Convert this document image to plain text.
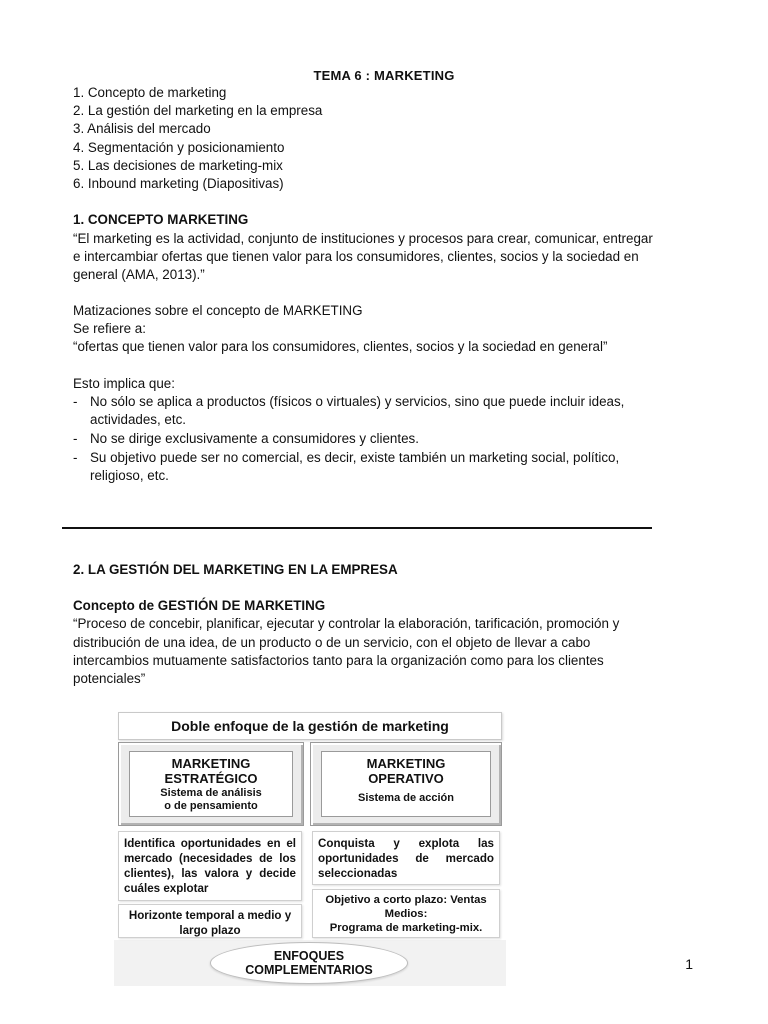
TEMA 6 : MARKETING

1. Concepto de marketing

2. La gestión del marketing en la empresa

3. Análisis del mercado

4. Segmentación y posicionamiento

5. Las decisiones de marketing-mix

6. Inbound marketing (Diapositivas)

1. CONCEPTO MARKETING

“El marketing es la actividad, conjunto de instituciones y procesos para crear, comunicar, entregar

e intercambiar ofertas que tienen valor para los consumidores, clientes, socios y la sociedad en

general (AMA, 2013).”

Matizaciones sobre el concepto de MARKETING

Se refiere a:

“ofertas que tienen valor para los consumidores, clientes, socios y la sociedad en general”

Esto implica que:

- No sólo se aplica a productos (físicos o virtuales) y servicios, sino que puede incluir ideas,
actividades, etc.
- No se dirige exclusivamente a consumidores y clientes.
- Su objetivo puede ser no comercial, es decir, existe también un marketing social, político,
religioso, etc.

2. LA GESTIÓN DEL MARKETING EN LA EMPRESA

Concepto de GESTIÓN DE MARKETING

“Proceso de concebir, planificar, ejecutar y controlar la elaboración, tarificación, promoción y

distribución de una idea, de un producto o de un servicio, con el objeto de llevar a cabo

intercambios mutuamente satisfactorios tanto para la organización como para los clientes

potenciales”

Doble enfoque de la gestión de marketing
MARKETING
ESTRATÉGICO
Sistema de análisis
o de pensamiento
MARKETING
OPERATIVO
Sistema de acción
Identifica oportunidades en el mercado (necesidades de los clientes), las valora y decide cuáles explotar
Horizonte temporal a medio y largo plazo
Conquista y explota las oportunidades de mercado seleccionadas
Objetivo a corto plazo: Ventas
Medios:
Programa de marketing-mix.
ENFOQUES
COMPLEMENTARIOS	1
